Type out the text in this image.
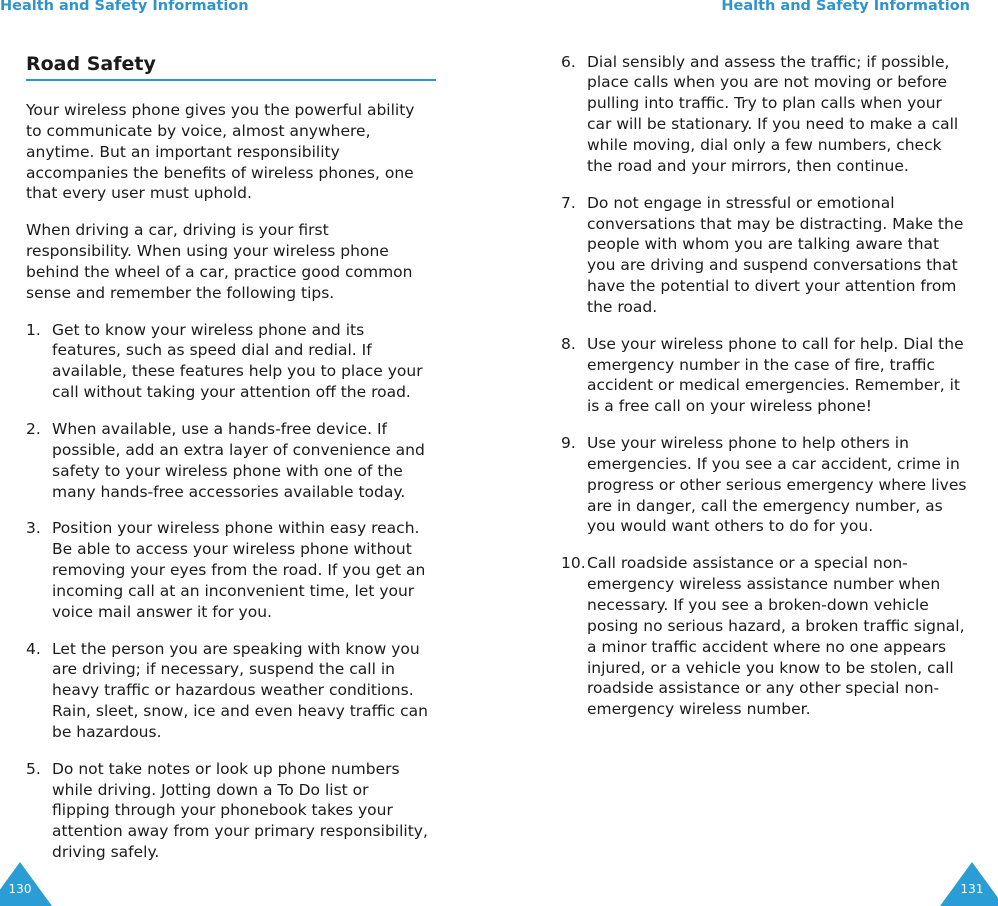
Health and Safety Information
Road Safety
Your wireless phone gives you the powerful ability
to communicate by voice, almost anywhere,
anytime. But an important responsibility
accompanies the benefits of wireless phones, one
that every user must uphold.
When driving a car, driving is your first
responsibility. When using your wireless phone
behind the wheel of a car, practice good common
sense and remember the following tips.
1. Get to know your wireless phone and its
features, such as speed dial and redial. If
available, these features help you to place your
call without taking your attention off the road.
2. When available, use a hands-free device. If
possible, add an extra layer of convenience and
safety to your wireless phone with one of the
many hands-free accessories available today.
3. Position your wireless phone within easy reach.
Be able to access your wireless phone without
removing your eyes from the road. If you get an
incoming call at an inconvenient time, let your
voice mail answer it for you.
4. Let the person you are speaking with know you
are driving; if necessary, suspend the call in
heavy traffic or hazardous weather conditions.
Rain, sleet, snow, ice and even heavy traffic can
be hazardous.
5. Do not take notes or look up phone numbers
while driving. Jotting down a To Do list or
flipping through your phonebook takes your
attention away from your primary responsibility,
driving safely.
130
Health and Safety Information
6. Dial sensibly and assess the traffic; if possible,
place calls when you are not moving or before
pulling into traffic. Try to plan calls when your
car will be stationary. If you need to make a call
while moving, dial only a few numbers, check
the road and your mirrors, then continue.
7. Do not engage in stressful or emotional
conversations that may be distracting. Make the
people with whom you are talking aware that
you are driving and suspend conversations that
have the potential to divert your attention from
the road.
8. Use your wireless phone to call for help. Dial the
emergency number in the case of fire, traffic
accident or medical emergencies. Remember, it
is a free call on your wireless phone!
9. Use your wireless phone to help others in
emergencies. If you see a car accident, crime in
progress or other serious emergency where lives
are in danger, call the emergency number, as
you would want others to do for you.
10. Call roadside assistance or a special non-
emergency wireless assistance number when
necessary. If you see a broken-down vehicle
posing no serious hazard, a broken traffic signal,
a minor traffic accident where no one appears
injured, or a vehicle you know to be stolen, call
roadside assistance or any other special non-
emergency wireless number.
131
